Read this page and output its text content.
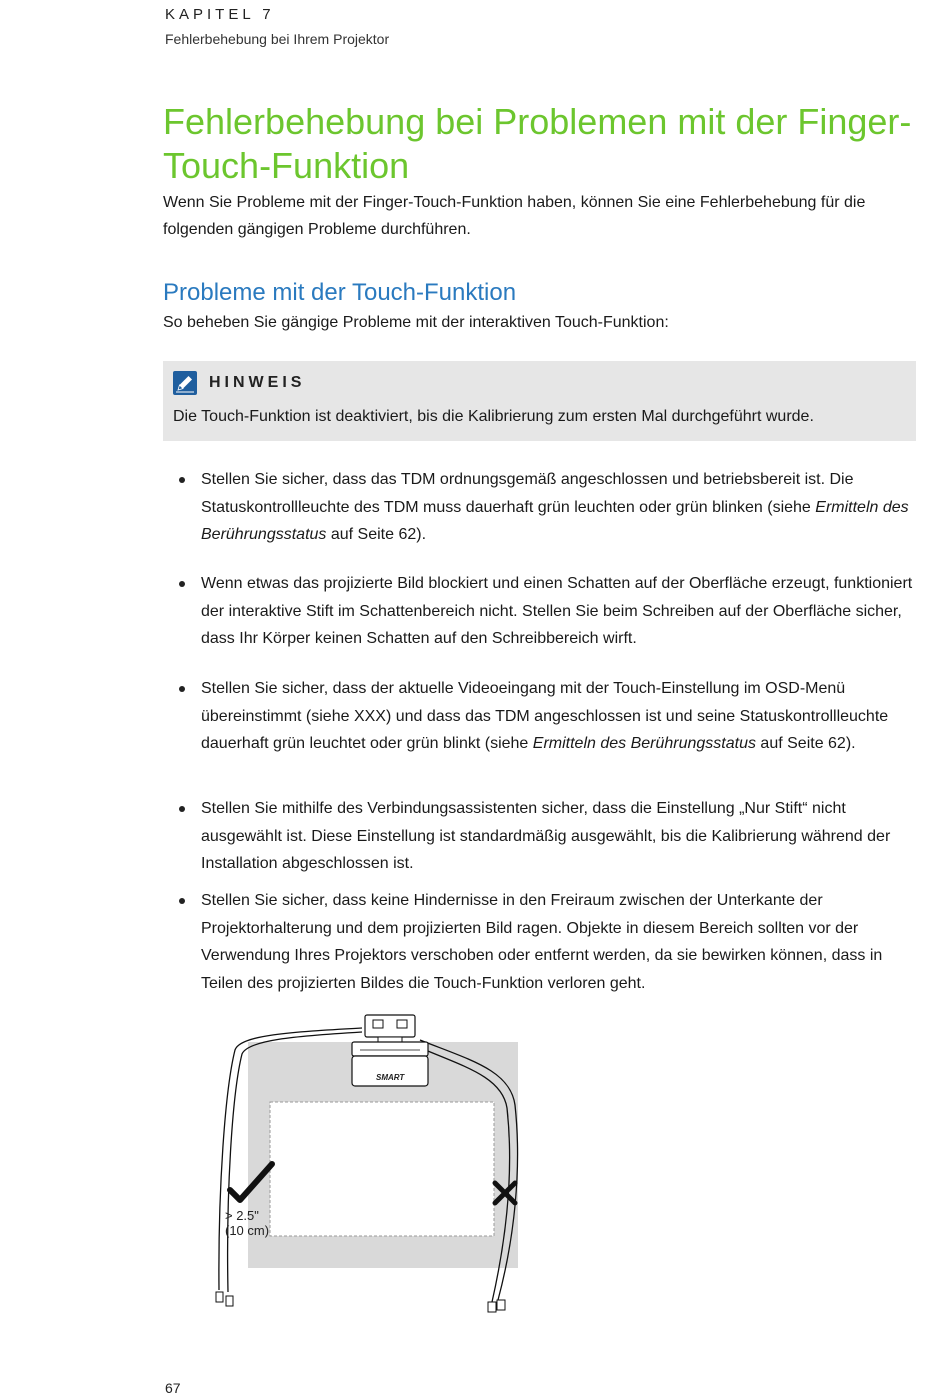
KAPITEL 7
Fehlerbehebung bei Ihrem Projektor
Fehlerbehebung bei Problemen mit der Finger-
Touch-Funktion

Wenn Sie Probleme mit der Finger-Touch-Funktion haben, können Sie eine Fehlerbehebung für die folgenden gängigen Probleme durchführen.

Probleme mit der Touch-Funktion

So beheben Sie gängige Probleme mit der interaktiven Touch-Funktion:

HINWEIS
Die Touch-Funktion ist deaktiviert, bis die Kalibrierung zum ersten Mal durchgeführt wurde.
Stellen Sie sicher, dass das TDM ordnungsgemäß angeschlossen und betriebsbereit ist. Die Statuskontrollleuchte des TDM muss dauerhaft grün leuchten oder grün blinken (siehe Ermitteln des Berührungsstatus auf Seite 62).
Wenn etwas das projizierte Bild blockiert und einen Schatten auf der Oberfläche erzeugt, funktioniert der interaktive Stift im Schattenbereich nicht. Stellen Sie beim Schreiben auf der Oberfläche sicher, dass Ihr Körper keinen Schatten auf den Schreibbereich wirft.
Stellen Sie sicher, dass der aktuelle Videoeingang mit der Touch-Einstellung im OSD-Menü übereinstimmt (siehe XXX) und dass das TDM angeschlossen ist und seine Statuskontrollleuchte dauerhaft grün leuchtet oder grün blinkt (siehe Ermitteln des Berührungsstatus auf Seite 62).
Stellen Sie mithilfe des Verbindungsassistenten sicher, dass die Einstellung „Nur Stift“ nicht ausgewählt ist. Diese Einstellung ist standardmäßig ausgewählt, bis die Kalibrierung während der Installation abgeschlossen ist.
Stellen Sie sicher, dass keine Hindernisse in den Freiraum zwischen der Unterkante der Projektorhalterung und dem projizierten Bild ragen. Objekte in diesem Bereich sollten vor der Verwendung Ihres Projektors verschoben oder entfernt werden, da sie bewirken können, dass in Teilen des projizierten Bildes die Touch-Funktion verloren geht.
SMART
> 2.5"
(10 cm)
67
